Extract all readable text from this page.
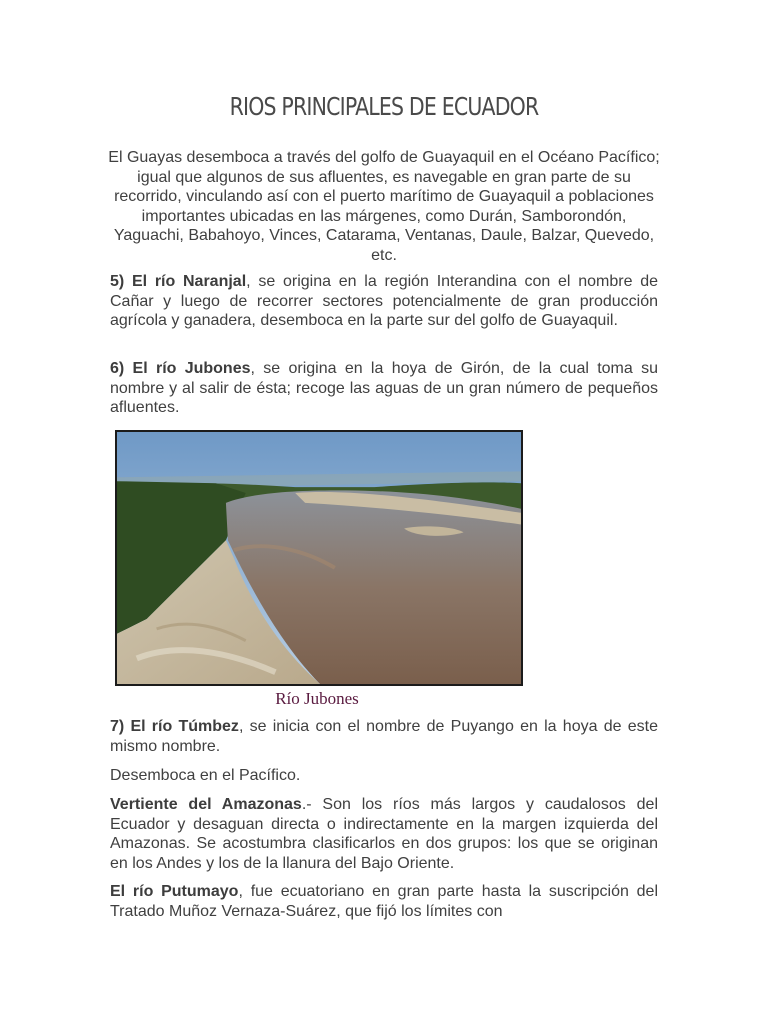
RIOS PRINCIPALES DE ECUADOR

El Guayas desemboca a través del golfo de Guayaquil en el Océano Pacífico; igual que algunos de sus afluentes, es navegable en gran parte de su recorrido, vinculando así con el puerto marítimo de Guayaquil a poblaciones importantes ubicadas en las márgenes, como Durán, Samborondón, Yaguachi, Babahoyo, Vinces, Catarama, Ventanas, Daule, Balzar, Quevedo, etc.

5) El río Naranjal, se origina en la región Interandina con el nombre de Cañar y luego de recorrer sectores potencialmente de gran producción agrícola y ganadera, desemboca en la parte sur del golfo de Guayaquil.

6) El río Jubones, se origina en la hoya de Girón, de la cual toma su nombre y al salir de ésta; recoge las aguas de un gran número de pequeños afluentes.

Río Jubones

7) El río Túmbez, se inicia con el nombre de Puyango en la hoya de este mismo nombre.

Desemboca en el Pacífico.

Vertiente del Amazonas.- Son los ríos más largos y caudalosos del Ecuador y desaguan directa o indirectamente en la margen izquierda del Amazonas. Se acostumbra clasificarlos en dos grupos: los que se originan en los Andes y los de la llanura del Bajo Oriente.

El río Putumayo, fue ecuatoriano en gran parte hasta la suscripción del Tratado Muñoz Vernaza-Suárez, que fijó los límites con
